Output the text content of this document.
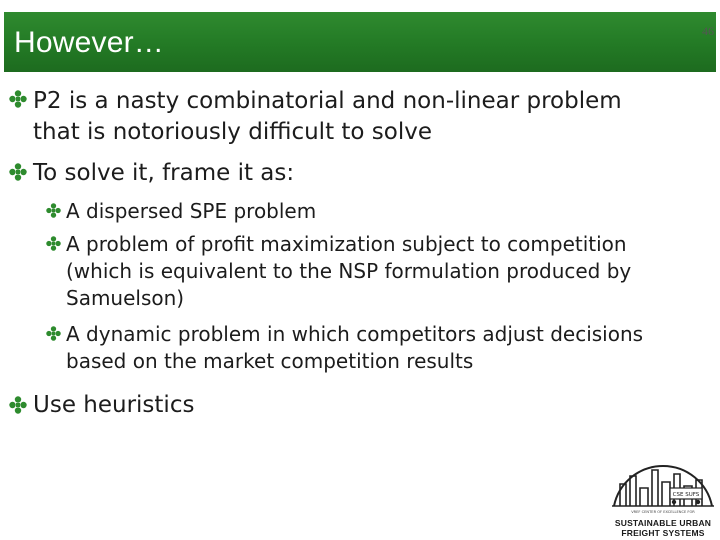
However…	46
P2 is a nasty combinatorial and non-linear problem
that is notoriously difficult to solve
To solve it, frame it as:
A dispersed SPE problem
A problem of profit maximization subject to competition
(which is equivalent to the NSP formulation produced by
Samuelson)
A dynamic problem in which competitors adjust decisions
based on the market competition results
Use heuristics
CSE SUFS
VREF CENTER OF EXCELLENCE FOR
SUSTAINABLE URBAN
FREIGHT SYSTEMS
